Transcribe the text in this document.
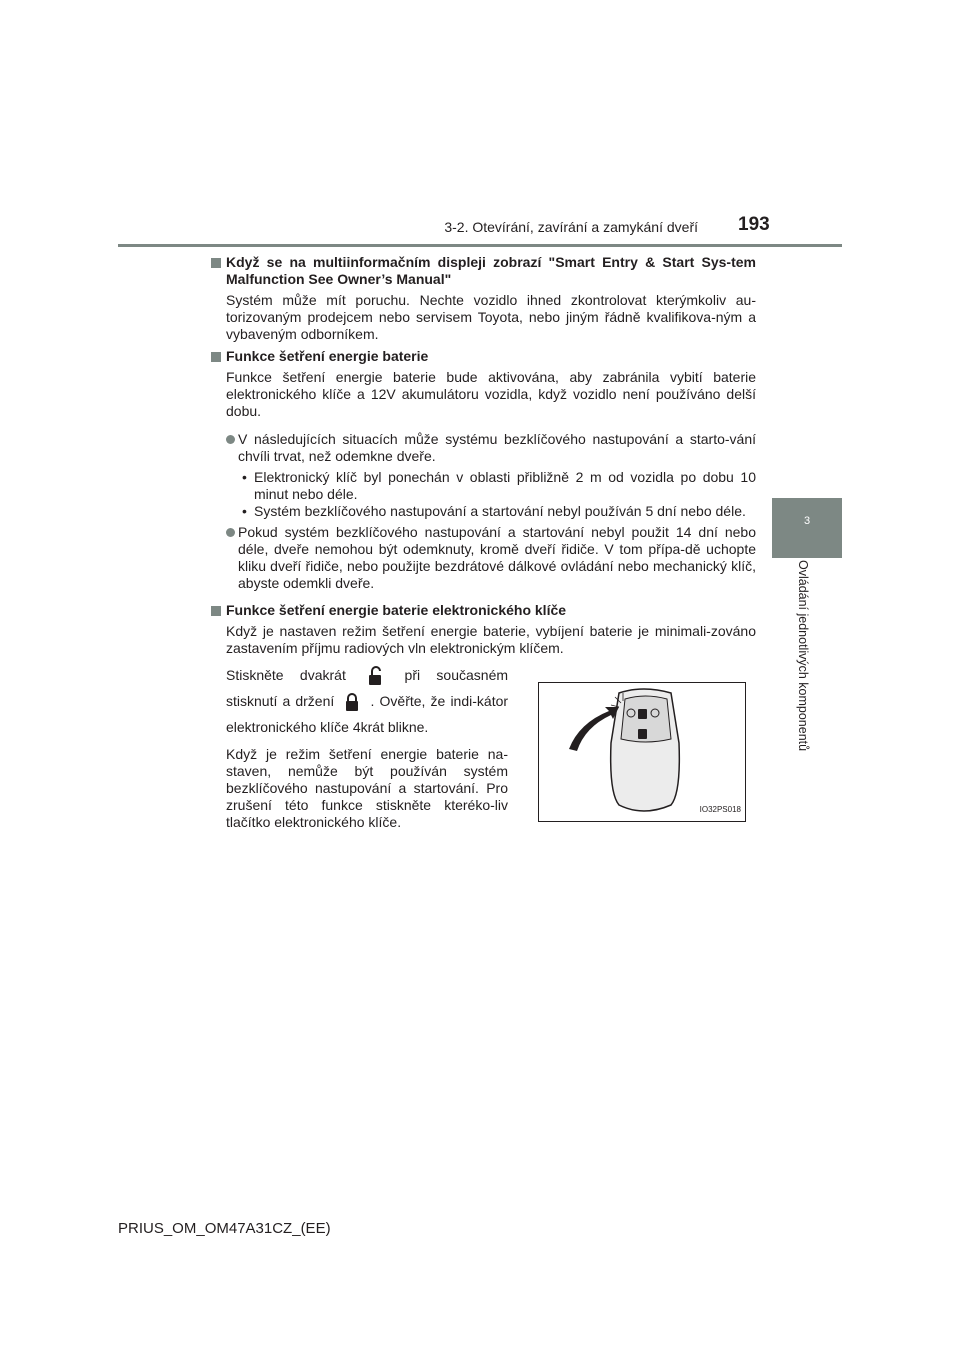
3-2. Otevírání, zavírání a zamykání dveří 193
3
Ovládání jednotlivých komponentů
Když se na multiinformačním displeji zobrazí "Smart Entry & Start Sys-tem Malfunction See Owner’s Manual"
Systém může mít poruchu. Nechte vozidlo ihned zkontrolovat kterýmkoliv au-torizovaným prodejcem nebo servisem Toyota, nebo jiným řádně kvalifikova-ným a vybaveným odborníkem.
Funkce šetření energie baterie
Funkce šetření energie baterie bude aktivována, aby zabránila vybití baterie elektronického klíče a 12V akumulátoru vozidla, když vozidlo není používáno delší dobu.
V následujících situacích může systému bezklíčového nastupování a starto-vání chvíli trvat, než odemkne dveře.
• Elektronický klíč byl ponechán v oblasti přibližně 2 m od vozidla po dobu 10 minut nebo déle.
• Systém bezklíčového nastupování a startování nebyl používán 5 dní nebo déle.
Pokud systém bezklíčového nastupování a startování nebyl použit 14 dní nebo déle, dveře nemohou být odemknuty, kromě dveří řidiče. V tom přípa-dě uchopte kliku dveří řidiče, nebo použijte bezdrátové dálkové ovládání nebo mechanický klíč, abyste odemkli dveře.
Funkce šetření energie baterie elektronického klíče
Když je nastaven režim šetření energie baterie, vybíjení baterie je minimali-zováno zastavením příjmu radiových vln elektronickým klíčem.
Stiskněte dvakrát	při současném stisknutí a držení	. Ověřte, že indi-kátor elektronického klíče 4krát blikne.
Když je režim šetření energie baterie na-staven, nemůže být používán systém bezklíčového nastupování a startování. Pro zrušení této funkce stiskněte kteréko-liv tlačítko elektronického klíče.
IO32PS018
PRIUS_OM_OM47A31CZ_(EE)
